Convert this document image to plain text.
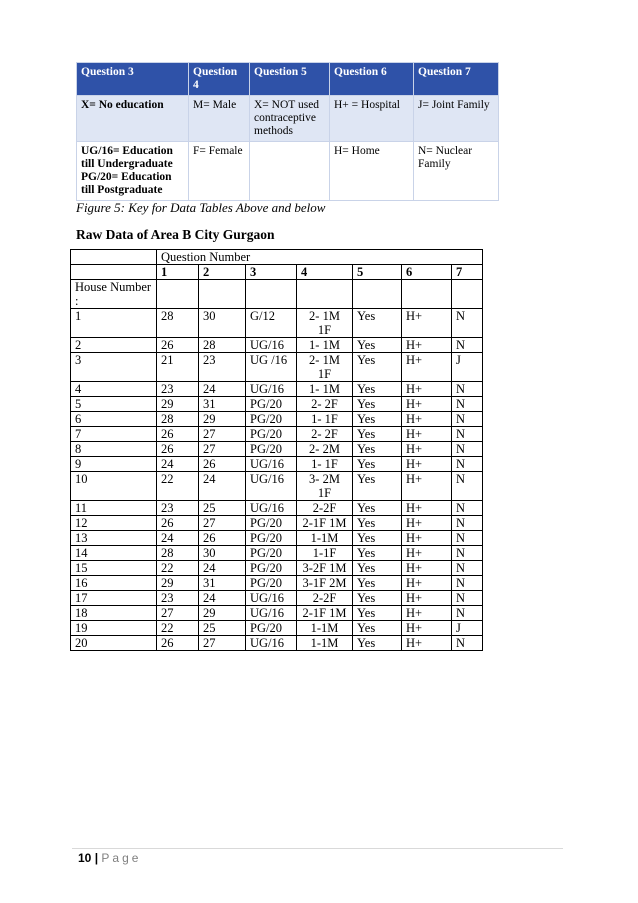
Question 3	Question 4	Question 5	Question 6	Question 7
X= No education	M= Male	X= NOT used contraceptive methods	H+ = Hospital	J= Joint Family
UG/16= Education till Undergraduate PG/20= Education till Postgraduate	F= Female		H= Home	N= Nuclear Family
Figure 5: Key for Data Tables Above and below
Raw Data of Area B City Gurgaon
	Question Number						
	1	2	3	4	5	6	7
House Number :							
1	28	30	G/12	2- 1M 1F	Yes	H+	N
2	26	28	UG/16	1- 1M	Yes	H+	N
3	21	23	UG /16	2- 1M 1F	Yes	H+	J
4	23	24	UG/16	1- 1M	Yes	H+	N
5	29	31	PG/20	2- 2F	Yes	H+	N
6	28	29	PG/20	1- 1F	Yes	H+	N
7	26	27	PG/20	2- 2F	Yes	H+	N
8	26	27	PG/20	2- 2M	Yes	H+	N
9	24	26	UG/16	1- 1F	Yes	H+	N
10	22	24	UG/16	3- 2M 1F	Yes	H+	N
11	23	25	UG/16	2-2F	Yes	H+	N
12	26	27	PG/20	2-1F 1M	Yes	H+	N
13	24	26	PG/20	1-1M	Yes	H+	N
14	28	30	PG/20	1-1F	Yes	H+	N
15	22	24	PG/20	3-2F 1M	Yes	H+	N
16	29	31	PG/20	3-1F 2M	Yes	H+	N
17	23	24	UG/16	2-2F	Yes	H+	N
18	27	29	UG/16	2-1F 1M	Yes	H+	N
19	22	25	PG/20	1-1M	Yes	H+	J
20	26	27	UG/16	1-1M	Yes	H+	N
10 | Page
